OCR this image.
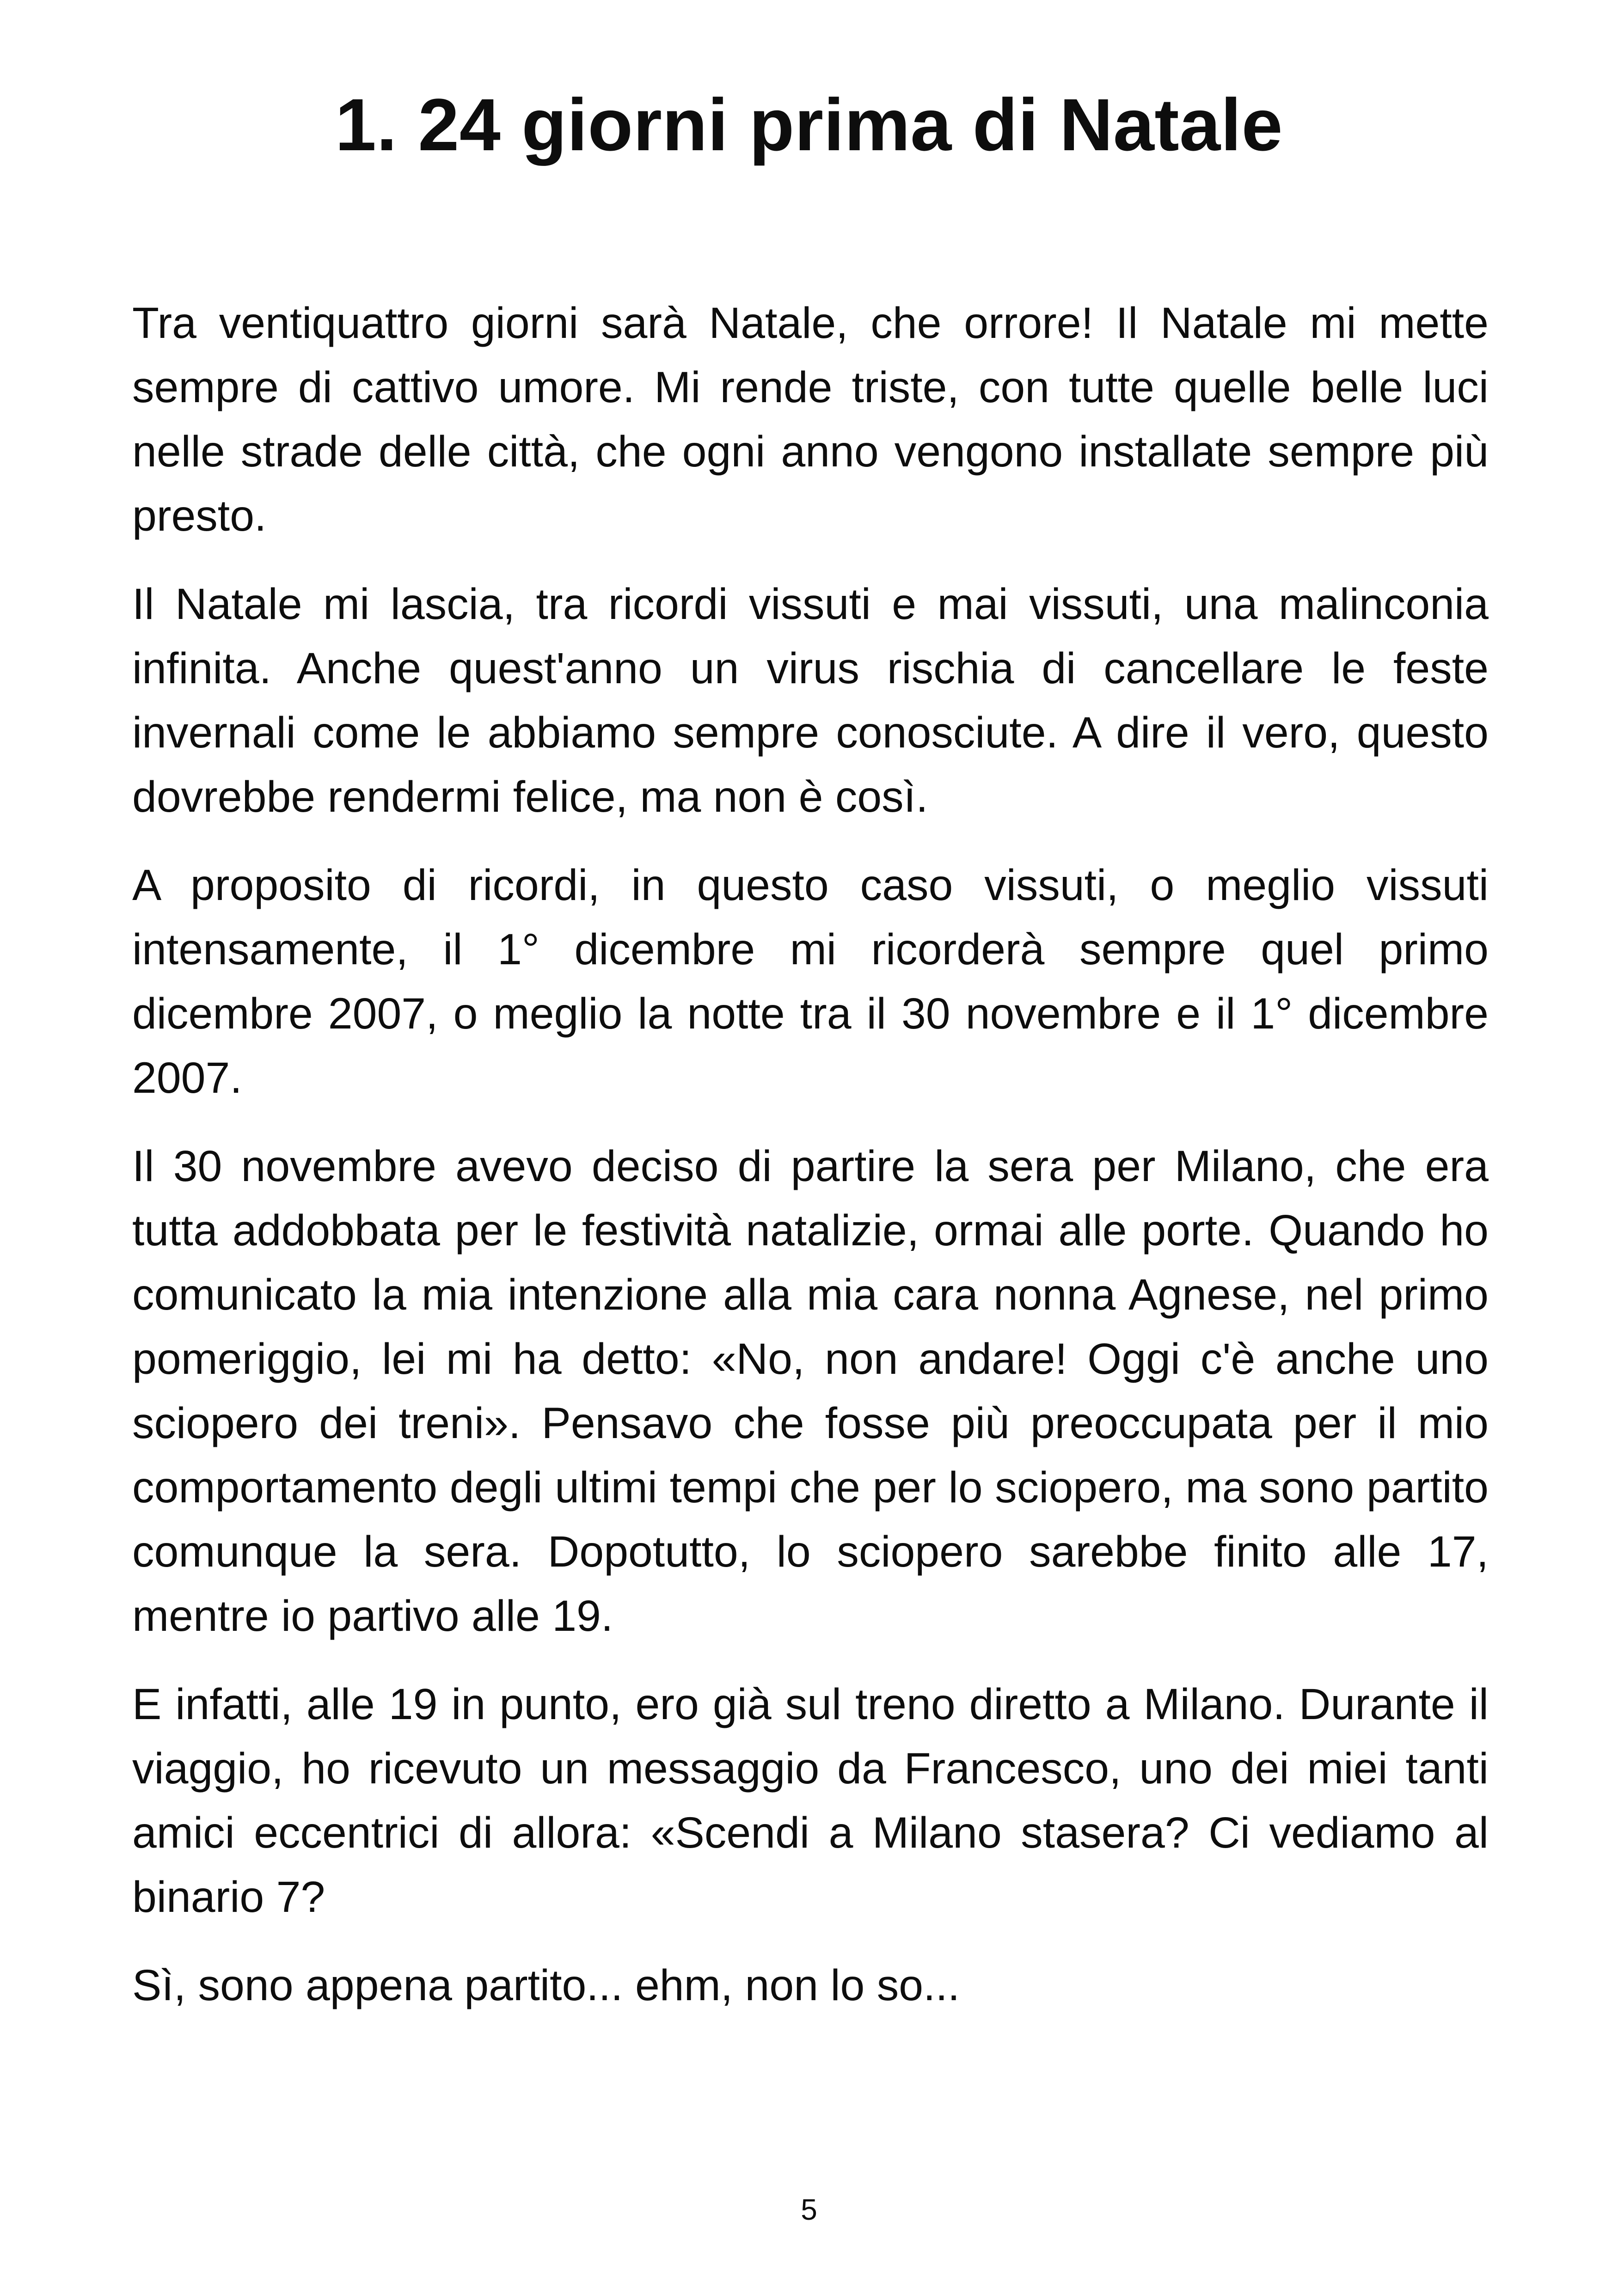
1. 24 giorni prima di Natale

Tra ventiquattro giorni sarà Natale, che orrore! Il Natale mi mette sempre di cattivo umore. Mi rende triste, con tutte quelle belle luci nelle strade delle città, che ogni anno vengono installate sempre più presto.

Il Natale mi lascia, tra ricordi vissuti e mai vissuti, una malinconia infinita. Anche quest'anno un virus rischia di cancellare le feste invernali come le abbiamo sempre conosciute. A dire il vero, questo dovrebbe rendermi felice, ma non è così.

A proposito di ricordi, in questo caso vissuti, o meglio vissuti intensamente, il 1° dicembre mi ricorderà sempre quel primo dicembre 2007, o meglio la notte tra il 30 novembre e il 1° dicembre 2007.

Il 30 novembre avevo deciso di partire la sera per Milano, che era tutta addobbata per le festività natalizie, ormai alle porte. Quando ho comunicato la mia intenzione alla mia cara nonna Agnese, nel primo pomeriggio, lei mi ha detto: «No, non andare! Oggi c'è anche uno sciopero dei treni». Pensavo che fosse più preoccupata per il mio comportamento degli ultimi tempi che per lo sciopero, ma sono partito comunque la sera. Dopotutto, lo sciopero sarebbe finito alle 17, mentre io partivo alle 19.

E infatti, alle 19 in punto, ero già sul treno diretto a Milano. Durante il viaggio, ho ricevuto un messaggio da Francesco, uno dei miei tanti amici eccentrici di allora: «Scendi a Milano stasera? Ci vediamo al binario 7?

Sì, sono appena partito... ehm, non lo so...

5
